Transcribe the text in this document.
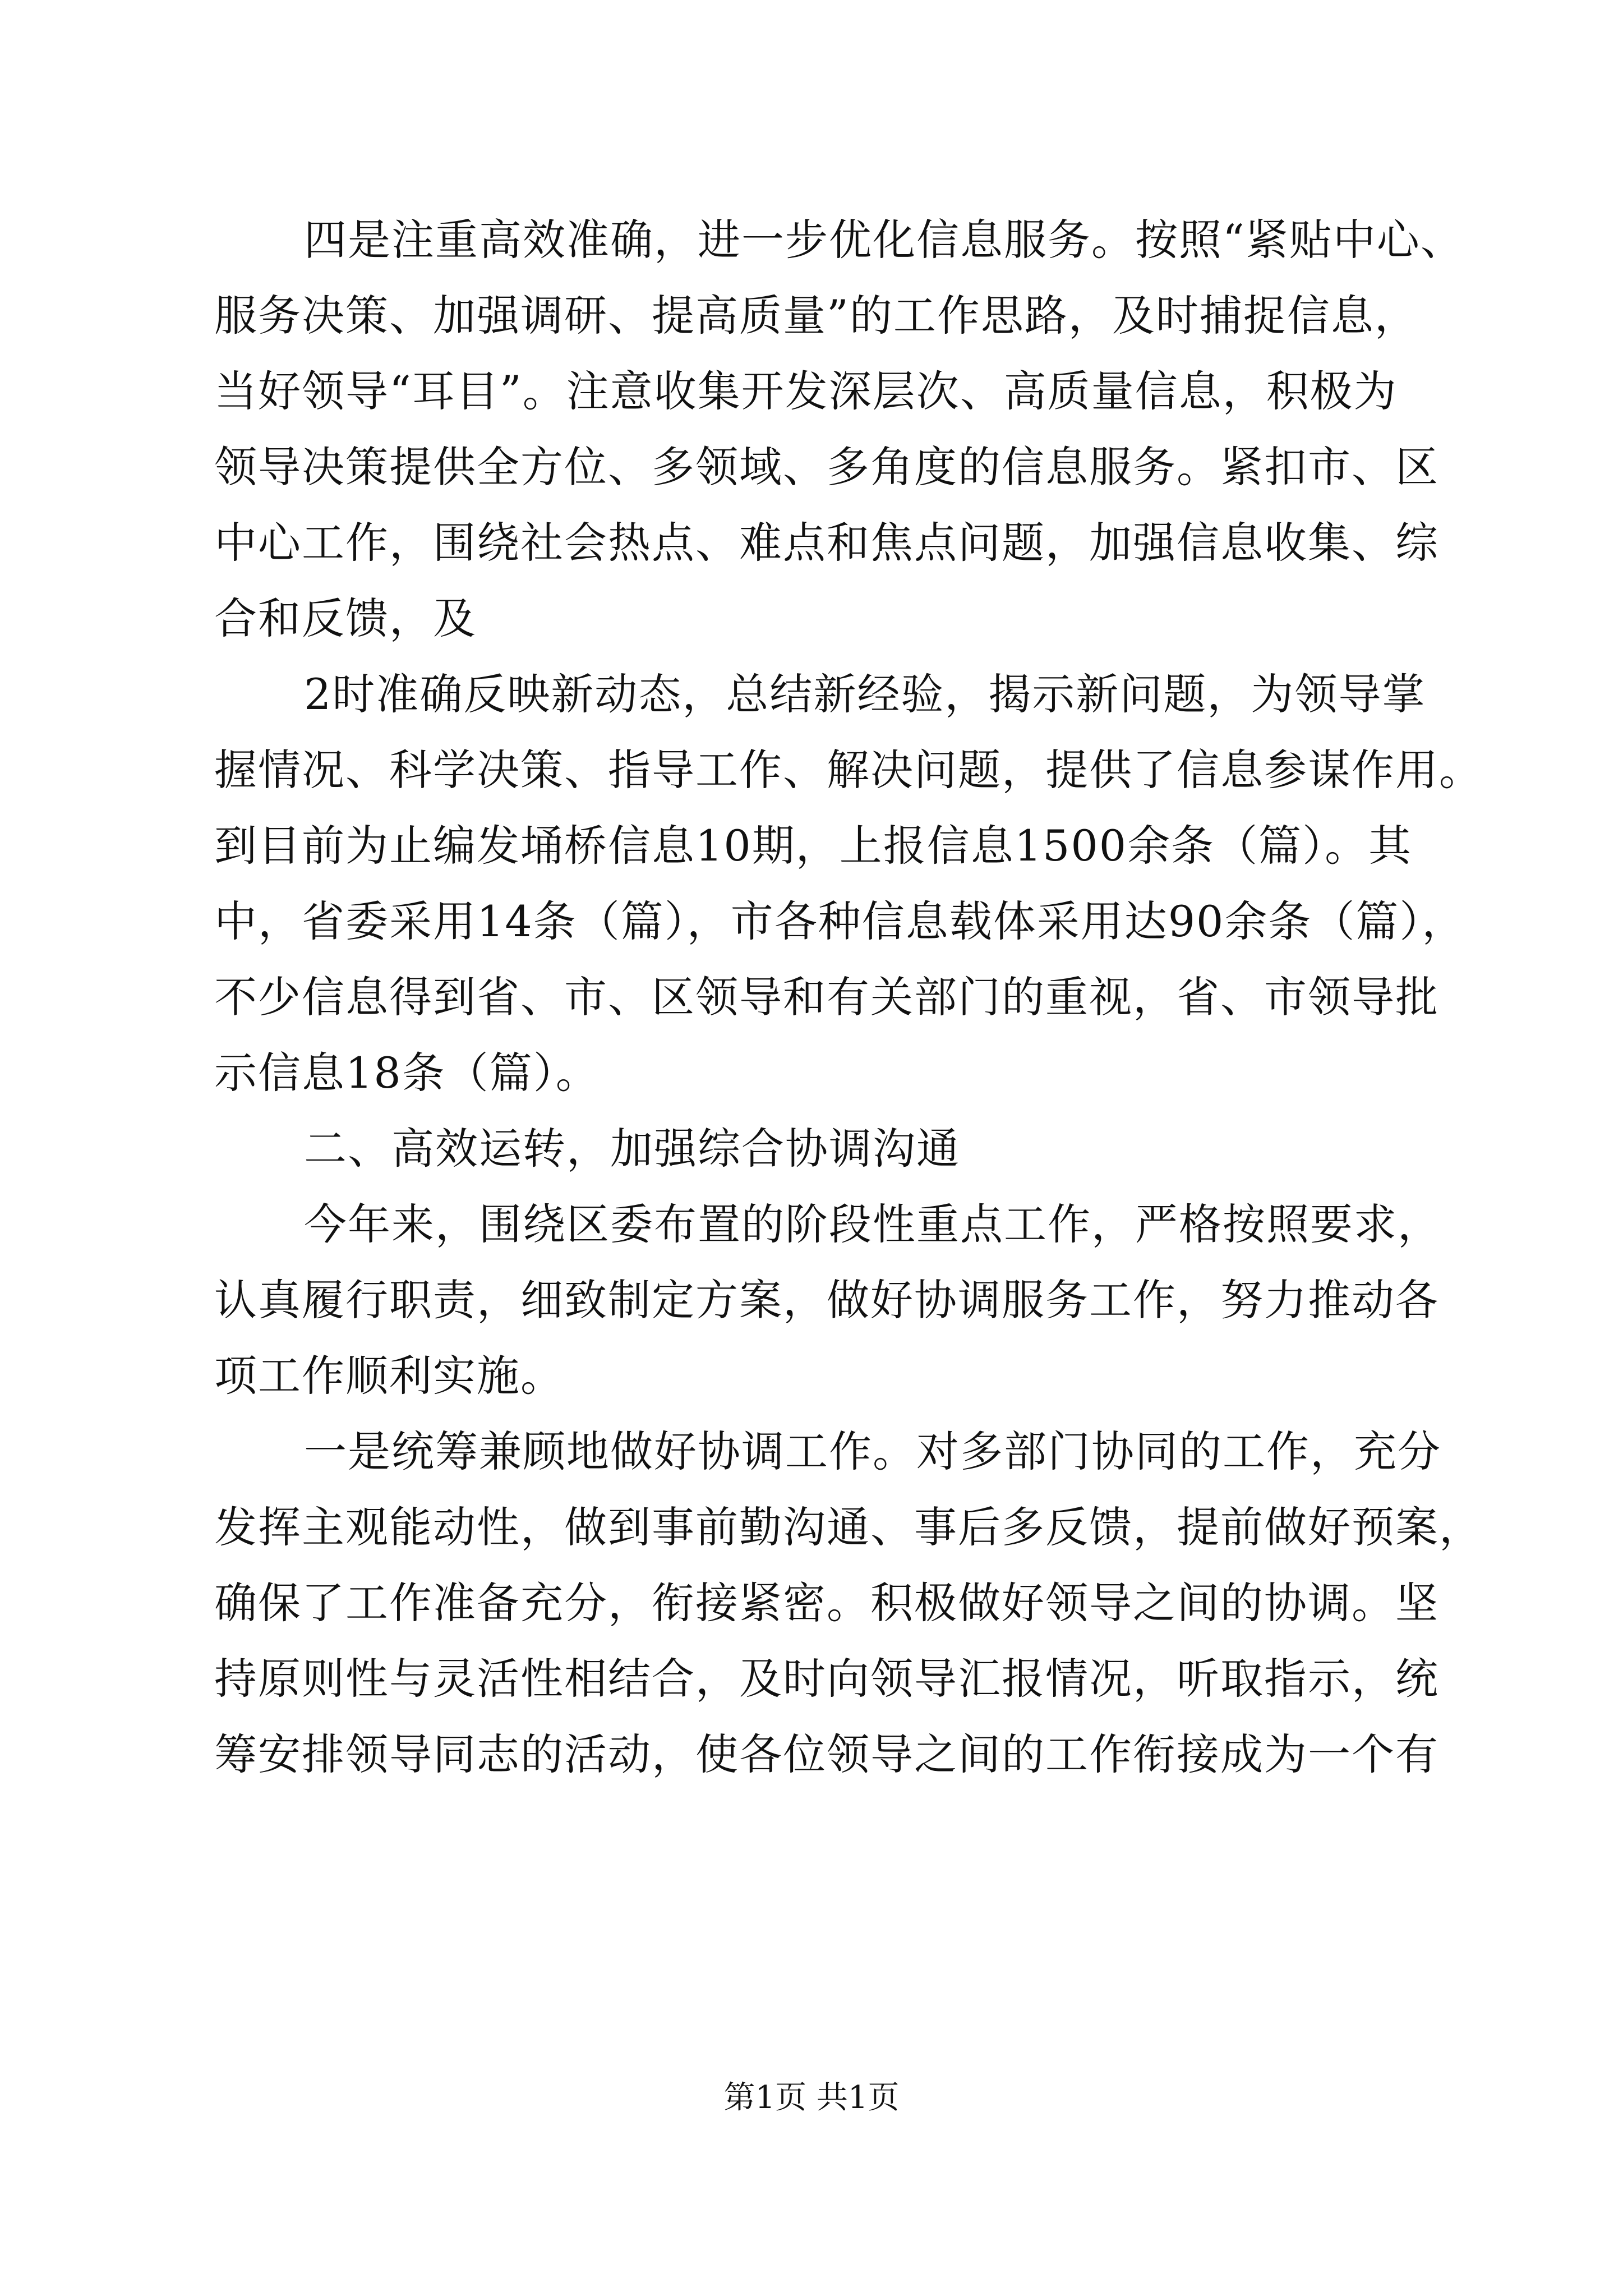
四是注重高效准确，进一步优化信息服务。按照“紧贴中心、
服务决策、加强调研、提高质量”的工作思路，及时捕捉信息，
当好领导“耳目”。注意收集开发深层次、高质量信息，积极为
领导决策提供全方位、多领域、多角度的信息服务。紧扣市、区
中心工作，围绕社会热点、难点和焦点问题，加强信息收集、综
合和反馈，及
2时准确反映新动态，总结新经验，揭示新问题，为领导掌
握情况、科学决策、指导工作、解决问题，提供了信息参谋作用。
到目前为止编发埇桥信息10期，上报信息1500余条（篇）。其
中，省委采用14条（篇），市各种信息载体采用达90余条（篇），
不少信息得到省、市、区领导和有关部门的重视，省、市领导批
示信息18条（篇）。
二、高效运转，加强综合协调沟通
今年来，围绕区委布置的阶段性重点工作，严格按照要求，
认真履行职责，细致制定方案，做好协调服务工作，努力推动各
项工作顺利实施。
一是统筹兼顾地做好协调工作。对多部门协同的工作，充分
发挥主观能动性，做到事前勤沟通、事后多反馈，提前做好预案，
确保了工作准备充分，衔接紧密。积极做好领导之间的协调。坚
持原则性与灵活性相结合，及时向领导汇报情况，听取指示，统
筹安排领导同志的活动，使各位领导之间的工作衔接成为一个有
第1页 共1页
